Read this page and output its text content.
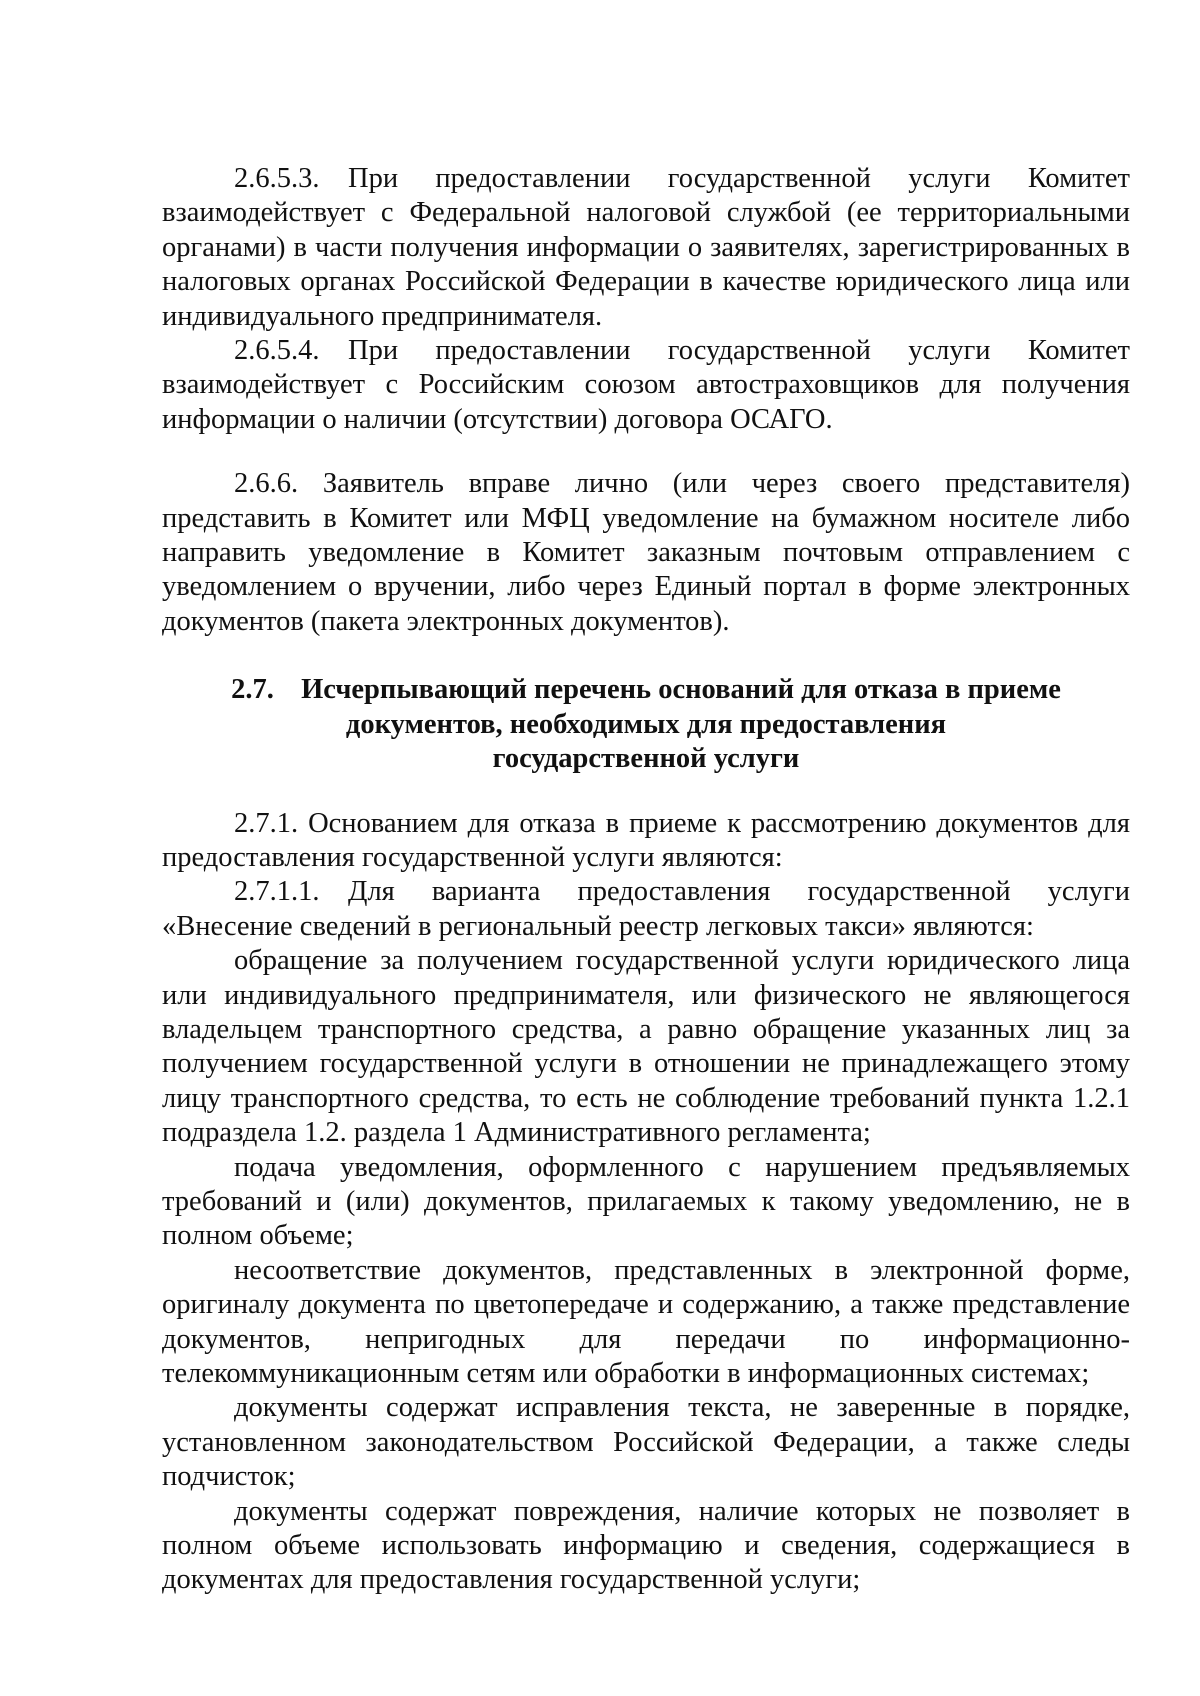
2.6.5.3. При предоставлении государственной услуги Комитет взаимодействует с Федеральной налоговой службой (ее территориальными органами) в части получения информации о заявителях, зарегистрированных в налоговых органах Российской Федерации в качестве юридического лица или индивидуального предпринимателя.

2.6.5.4. При предоставлении государственной услуги Комитет взаимодействует с Российским союзом автостраховщиков для получения информации о наличии (отсутствии) договора ОСАГО.

2.6.6. Заявитель вправе лично (или через своего представителя) представить в Комитет или МФЦ уведомление на бумажном носителе либо направить уведомление в Комитет заказным почтовым отправлением с уведомлением о вручении, либо через Единый портал в форме электронных документов (пакета электронных документов).

2.7. Исчерпывающий перечень оснований для отказа в приеме
документов, необходимых для предоставления
государственной услуги

2.7.1. Основанием для отказа в приеме к рассмотрению документов для предоставления государственной услуги являются:

2.7.1.1. Для варианта предоставления государственной услуги «Внесение сведений в региональный реестр легковых такси» являются:

обращение за получением государственной услуги юридического лица или индивидуального предпринимателя, или физического не являющегося владельцем транспортного средства, а равно обращение указанных лиц за получением государственной услуги в отношении не принадлежащего этому лицу транспортного средства, то есть не соблюдение требований пункта 1.2.1 подраздела 1.2. раздела 1 Административного регламента;

подача уведомления, оформленного с нарушением предъявляемых требований и (или) документов, прилагаемых к такому уведомлению, не в полном объеме;

несоответствие документов, представленных в электронной форме, оригиналу документа по цветопередаче и содержанию, а также представление документов, непригодных для передачи по информационно-телекоммуникационным сетям или обработки в информационных системах;

документы содержат исправления текста, не заверенные в порядке, установленном законодательством Российской Федерации, а также следы подчисток;

документы содержат повреждения, наличие которых не позволяет в полном объеме использовать информацию и сведения, содержащиеся в документах для предоставления государственной услуги;
